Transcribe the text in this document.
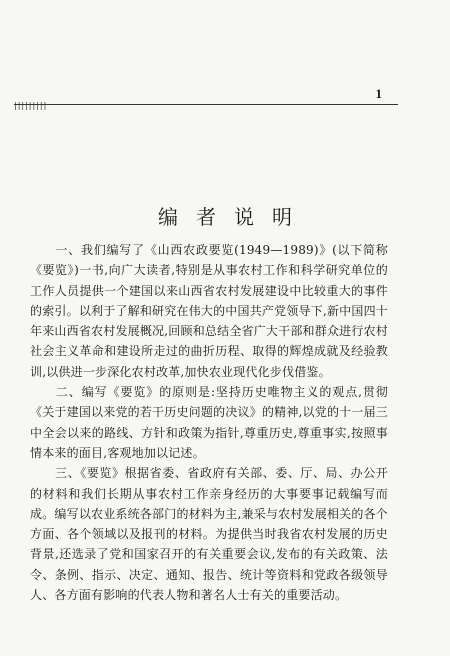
1
|||||||||
编者说明

　　一、我们编写了《山西农政要览(1949—1989)》(以下简称《要览》)一书,向广大读者,特别是从事农村工作和科学研究单位的工作人员提供一个建国以来山西省农村发展建设中比较重大的事件的索引。以利于了解和研究在伟大的中国共产党领导下,新中国四十年来山西省农村发展概况,回顾和总结全省广大干部和群众进行农村社会主义革命和建设所走过的曲折历程、取得的辉煌成就及经验教训,以供进一步深化农村改革,加快农业现代化步伐借鉴。

　　二、编写《要览》的原则是:坚持历史唯物主义的观点,贯彻《关于建国以来党的若干历史问题的决议》的精神,以党的十一届三中全会以来的路线、方针和政策为指针,尊重历史,尊重事实,按照事情本来的面目,客观地加以记述。

　　三、《要览》根据省委、省政府有关部、委、厅、局、办公开的材料和我们长期从事农村工作亲身经历的大事要事记载编写而成。编写以农业系统各部门的材料为主,兼采与农村发展相关的各个方面、各个领域以及报刊的材料。为提供当时我省农村发展的历史背景,还选录了党和国家召开的有关重要会议,发布的有关政策、法令、条例、指示、决定、通知、报告、统计等资料和党政各级领导人、各方面有影响的代表人物和著名人士有关的重要活动。
